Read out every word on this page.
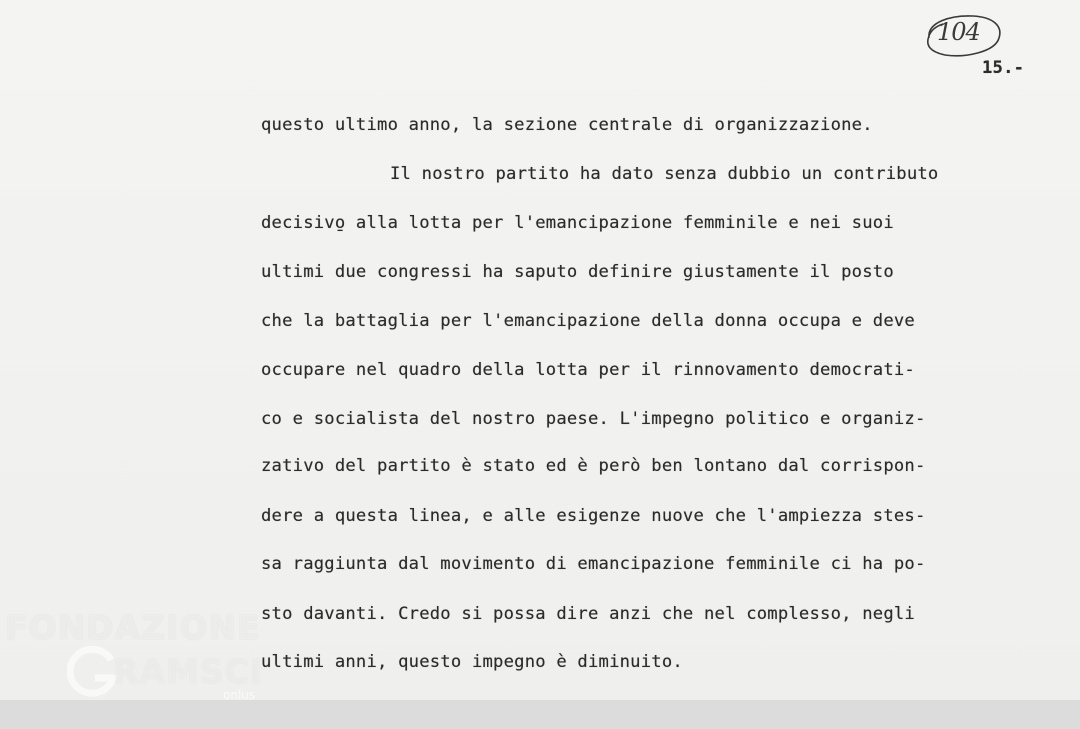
104
15.-
questo ultimo anno, la sezione centrale di organizzazione.
Il nostro partito ha dato senza dubbio un contributo
decisivo̱ alla lotta per l'emancipazione femminile e nei suoi
ultimi due congressi ha saputo definire giustamente il posto
che la battaglia per l'emancipazione della donna occupa e deve
occupare nel quadro della lotta per il rinnovamento democrati-
co e socialista del nostro paese. L'impegno politico e organiz-
zativo del partito è stato ed è però ben lontano dal corrispon-
dere a questa linea, e alle esigenze nuove che l'ampiezza stes-
sa raggiunta dal movimento di emancipazione femminile ci ha po-
sto davanti. Credo si possa dire anzi che nel complesso, negli
ultimi anni, questo impegno è diminuito.
FONDAZIONE
RAMSCI
onlus
